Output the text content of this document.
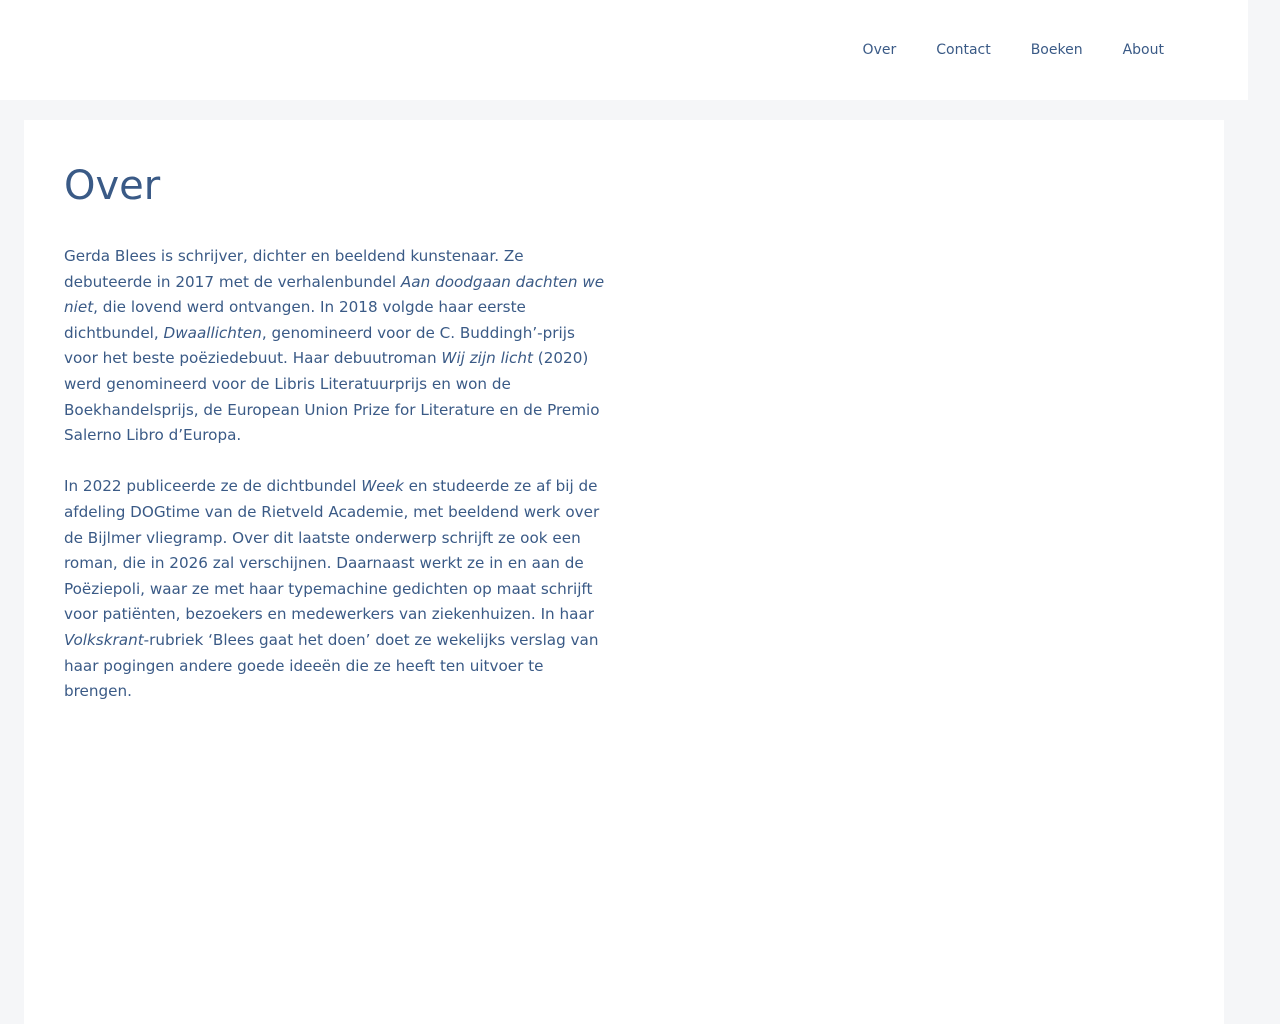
Over	Contact	Boeken	About
Over

Gerda Blees is schrijver, dichter en beeldend kunstenaar. Ze debuteerde in 2017 met de verhalenbundel Aan doodgaan dachten we niet, die lovend werd ontvangen. In 2018 volgde haar eerste dichtbundel, Dwaallichten, genomineerd voor de C. Buddingh’-prijs voor het beste poëziedebuut. Haar debuutroman Wij zijn licht (2020) werd genomineerd voor de Libris Literatuurprijs en won de Boekhandelsprijs, de European Union Prize for Literature en de Premio Salerno Libro d’Europa.

In 2022 publiceerde ze de dichtbundel Week en studeerde ze af bij de afdeling DOGtime van de Rietveld Academie, met beeldend werk over de Bijlmer vliegramp. Over dit laatste onderwerp schrijft ze ook een roman, die in 2026 zal verschijnen. Daarnaast werkt ze in en aan de Poëziepoli, waar ze met haar typemachine gedichten op maat schrijft voor patiënten, bezoekers en medewerkers van ziekenhuizen. In haar Volkskrant-rubriek ‘Blees gaat het doen’ doet ze wekelijks verslag van haar pogingen andere goede ideeën die ze heeft ten uitvoer te brengen.
